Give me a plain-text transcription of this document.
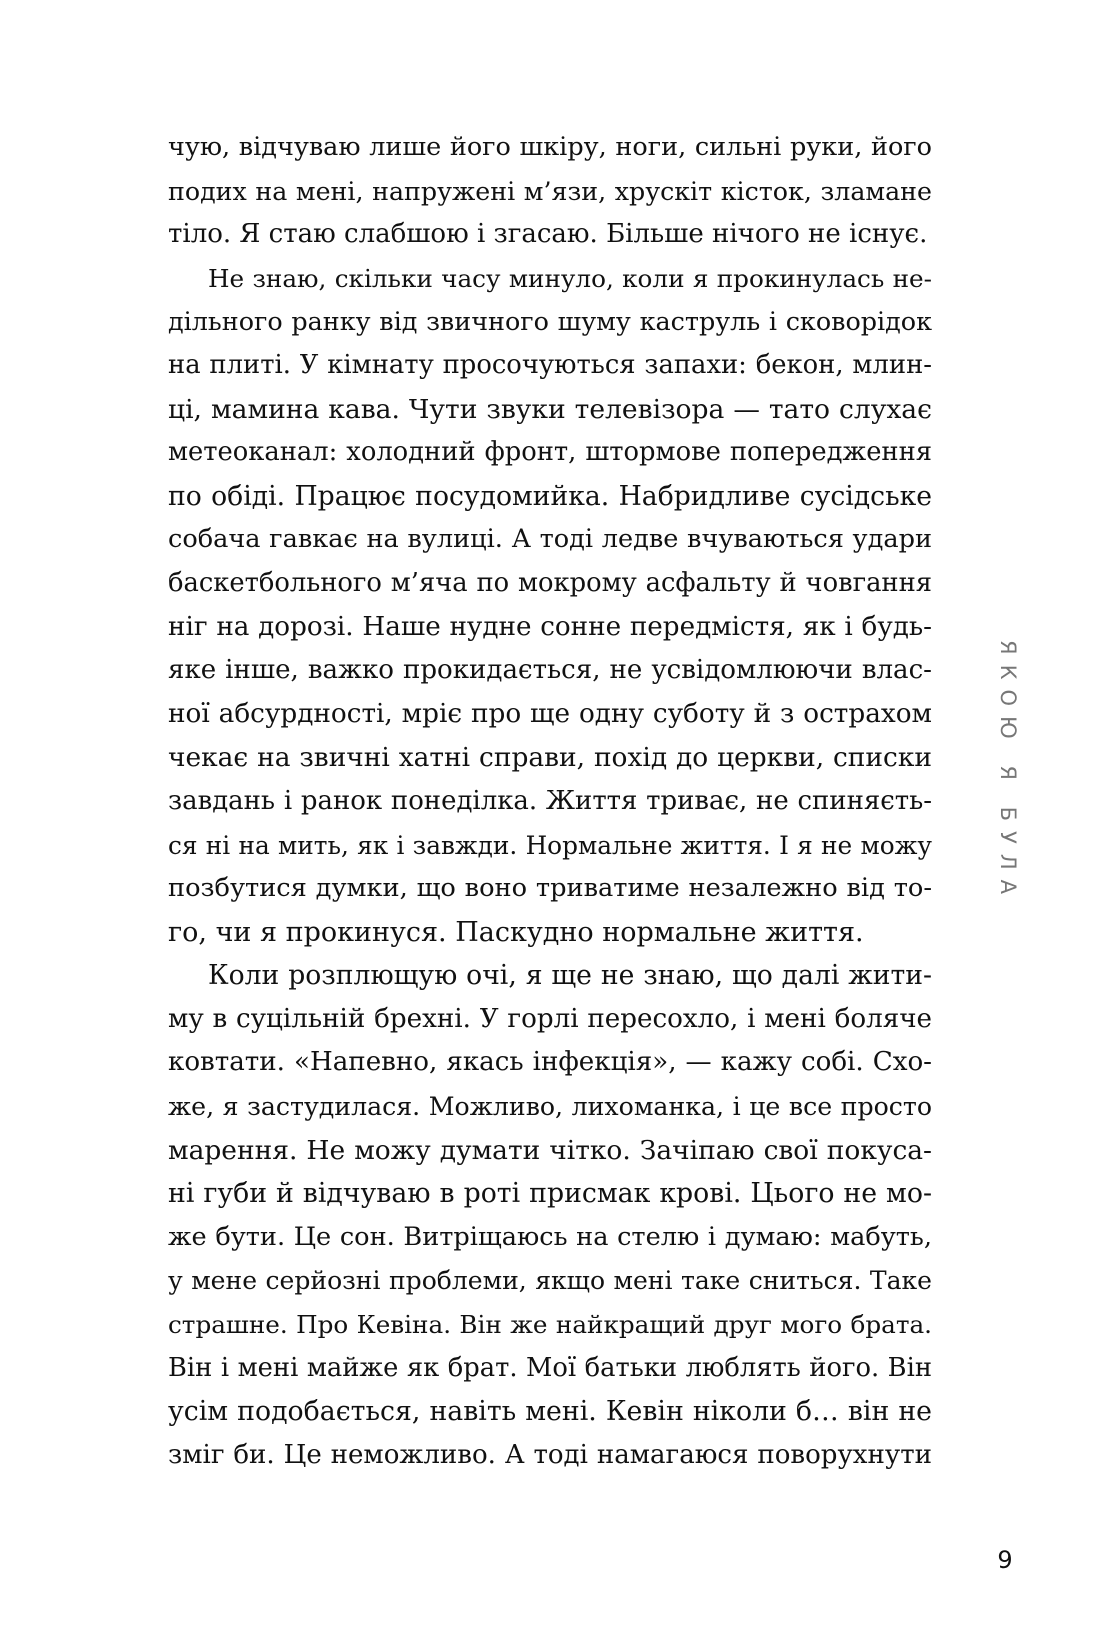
чую, відчуваю лише його шкіру, ноги, сильні руки, його
подих на мені, напружені м’язи, хрускіт кісток, зламане
тіло. Я стаю слабшою і згасаю. Більше нічого не існує.
Не знаю, скільки часу минуло, коли я прокинулась не-
дільного ранку від звичного шуму каструль і сковорідок
на плиті. У кімнату просочуються запахи: бекон, млин-
ці, мамина кава. Чути звуки телевізора — тато слухає
метеоканал: холодний фронт, штормове попередження
по обіді. Працює посудомийка. Набридливе сусідське
собача гавкає на вулиці. А тоді ледве вчуваються удари
баскетбольного м’яча по мокрому асфальту й човгання
ніг на дорозі. Наше нудне сонне передмістя, як і будь-
яке інше, важко прокидається, не усвідомлюючи влас-
ної абсурдності, мріє про ще одну суботу й з острахом
чекає на звичні хатні справи, похід до церкви, списки
завдань і ранок понеділка. Життя триває, не спиняєть-
ся ні на мить, як і завжди. Нормальне життя. І я не можу
позбутися думки, що воно триватиме незалежно від то-
го, чи я прокинуся. Паскудно нормальне життя.
Коли розплющую очі, я ще не знаю, що далі жити-
му в суцільній брехні. У горлі пересохло, і мені боляче
ковтати. «Напевно, якась інфекція», — кажу собі. Схо-
же, я застудилася. Можливо, лихоманка, і це все просто
марення. Не можу думати чітко. Зачіпаю свої покуса-
ні губи й відчуваю в роті присмак крові. Цього не мо-
же бути. Це сон. Витріщаюсь на стелю і думаю: мабуть,
у мене серйозні проблеми, якщо мені таке сниться. Таке
страшне. Про Кевіна. Він же найкращий друг мого брата.
Він і мені майже як брат. Мої батьки люблять його. Він
усім подобається, навіть мені. Кевін ніколи б… він не
зміг би. Це неможливо. А тоді намагаюся поворухнути
ЯКОЮ Я БУЛА
9
